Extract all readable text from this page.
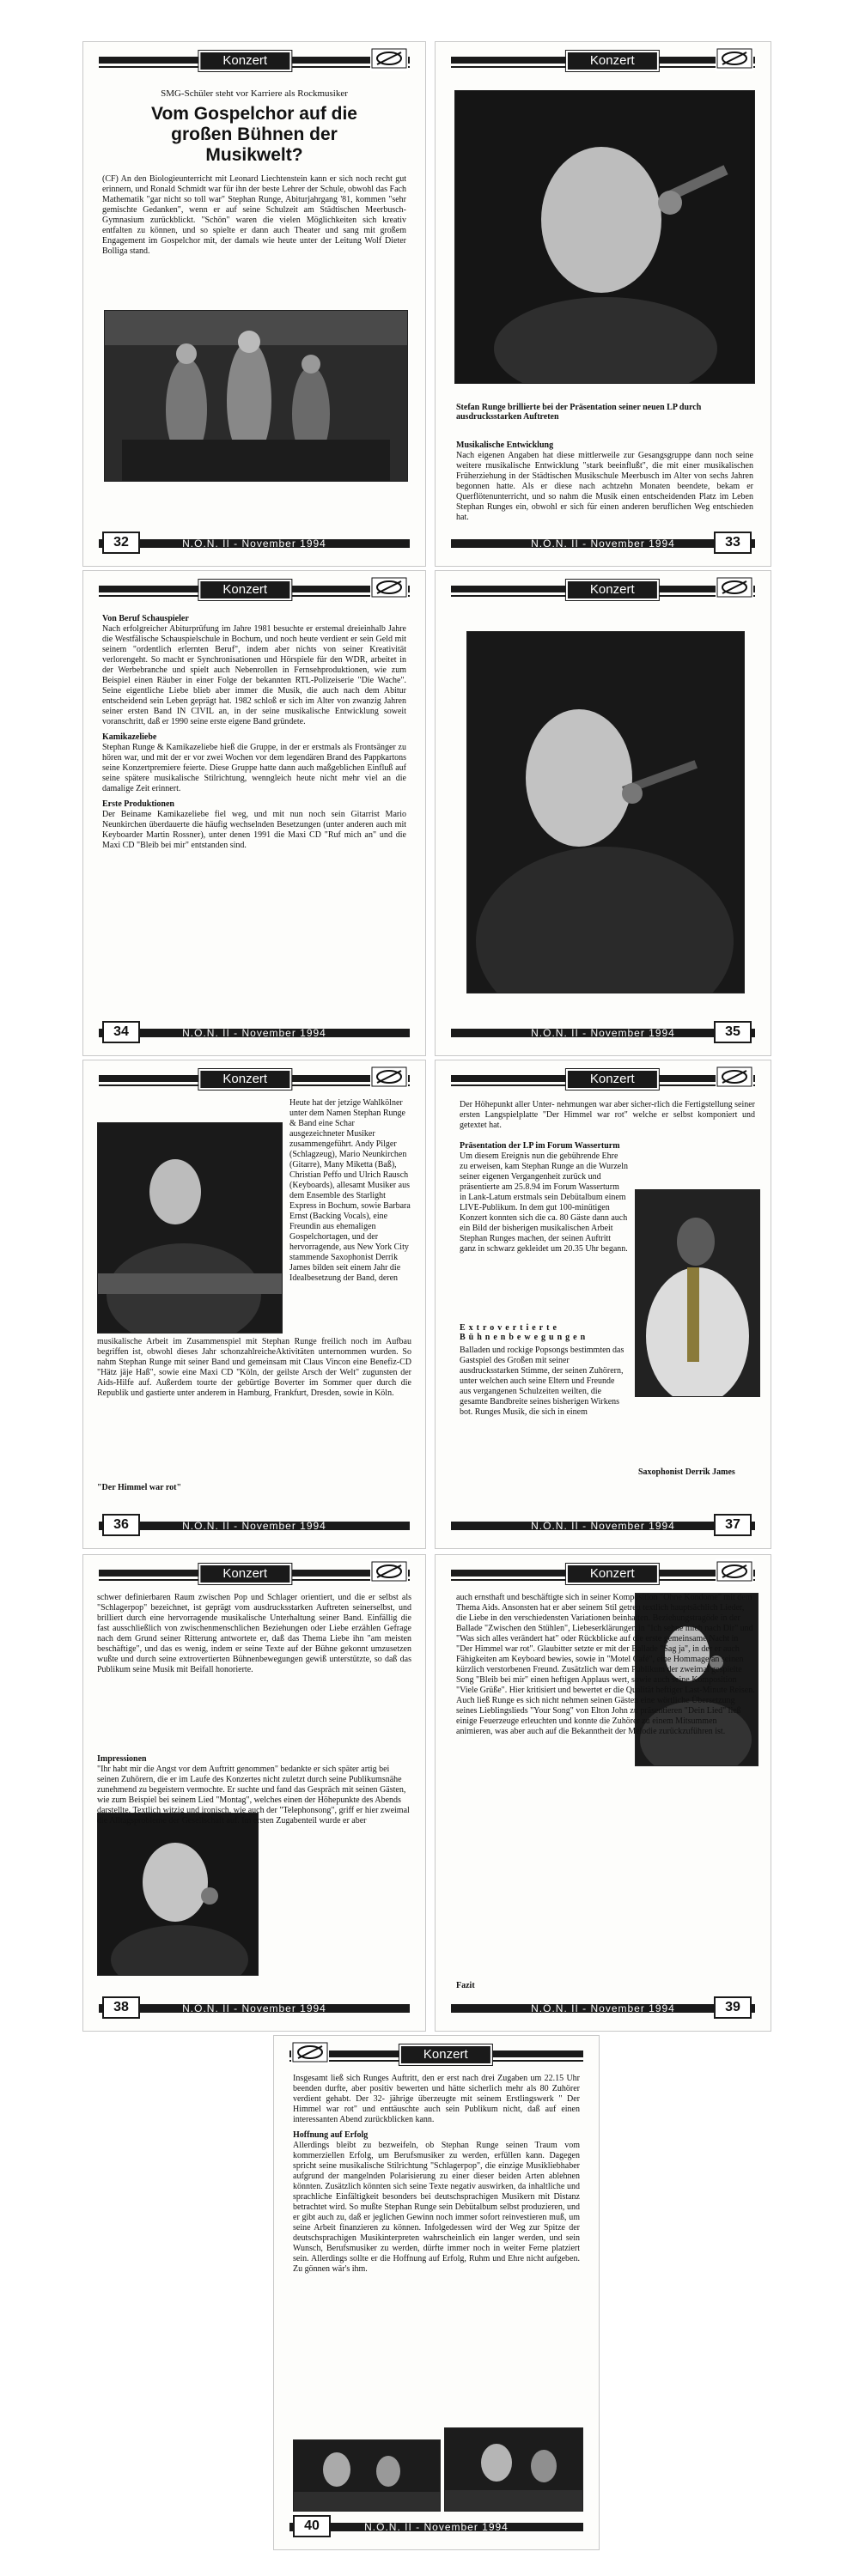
Konzert
SMG-Schüler steht vor Karriere als Rockmusiker
Vom Gospelchor auf die großen Bühnen der Musikwelt?
(CF) An den Biologieunterricht mit Leonard Liechtenstein kann er sich noch recht gut erinnern, und Ronald Schmidt war für ihn der beste Lehrer der Schule, obwohl das Fach Mathematik "gar nicht so toll war" Stephan Runge, Abiturjahrgang '81, kommen "sehr gemischte Gedanken", wenn er auf seine Schulzeit am Städtischen Meerbusch-Gymnasium zurückblickt. "Schön" waren die vielen Möglichkeiten sich kreativ entfalten zu können, und so spielte er dann auch Theater und sang mit großem Engagement im Gospelchor mit, der damals wie heute unter der Leitung Wolf Dieter Bolliga stand.
N.O.N. II - November 1994
32
Konzert
Stefan Runge brillierte bei der Präsentation seiner neuen LP durch ausdrucksstarken Auftreten
Musikalische Entwicklung
Nach eigenen Angaben hat diese mittlerweile zur Gesangsgruppe dann noch seine weitere musikalische Entwicklung "stark beeinflußt", die mit einer musikalischen Früherziehung in der Städtischen Musikschule Meerbusch im Alter von sechs Jahren begonnen hatte. Als er diese nach achtzehn Monaten beendete, bekam er Querflötenunterricht, und so nahm die Musik einen entscheidenden Platz im Leben Stephan Runges ein, obwohl er sich für einen anderen beruflichen Weg entschieden hat.
N.O.N. II - November 1994	33
Konzert
Von Beruf Schauspieler
Nach erfolgreicher Abiturprüfung im Jahre 1981 besuchte er erstemal dreieinhalb Jahre die Westfälische Schauspielschule in Bochum, und noch heute verdient er sein Geld mit seinem "ordentlich erlernten Beruf", indem aber nichts von seiner Kreativität verlorengeht. So macht er Synchronisationen und Hörspiele für den WDR, arbeitet in der Werbebranche und spielt auch Nebenrollen in Fernsehproduktionen, wie zum Beispiel einen Räuber in einer Folge der bekannten RTL-Polizeiserie "Die Wache". Seine eigentliche Liebe blieb aber immer die Musik, die auch nach dem Abitur entscheidend sein Leben geprägt hat. 1982 schloß er sich im Alter von zwanzig Jahren seiner ersten Band IN CIVIL an, in der seine musikalische Entwicklung soweit voranschritt, daß er 1990 seine erste eigene Band gründete.
Kamikazeliebe
Stephan Runge & Kamikazeliebe hieß die Gruppe, in der er erstmals als Frontsänger zu hören war, und mit der er vor zwei Wochen vor dem legendären Brand des Pappkartons seine Konzertpremiere feierte. Diese Gruppe hatte dann auch maßgeblichen Einfluß auf seine spätere musikalische Stilrichtung, wenngleich heute nicht mehr viel an die damalige Zeit erinnert.
Erste Produktionen
Der Beiname Kamikazeliebe fiel weg, und mit nun noch sein Gitarrist Mario Neunkirchen überdauerte die häufig wechselnden Besetzungen (unter anderen auch mit Keyboarder Martin Rossner), unter denen 1991 die Maxi CD "Ruf mich an" und die Maxi CD "Bleib bei mir" entstanden sind.
N.O.N. II - November 1994
34
Konzert
N.O.N. II - November 1994	35
Konzert
Heute hat der jetzige Wahlkölner unter dem Namen Stephan Runge & Band eine Schar ausgezeichneter Musiker zusammengeführt. Andy Pilger (Schlagzeug), Mario Neunkirchen (Gitarre), Many Miketta (Baß), Christian Peffo und Ulrich Rausch (Keyboards), allesamt Musiker aus dem Ensemble des Starlight Express in Bochum, sowie Barbara Ernst (Backing Vocals), eine Freundin aus ehemaligen Gospelchortagen, und der hervorragende, aus New York City stammende Saxophonist Derrik James bilden seit einem Jahr die Idealbesetzung der Band, deren
musikalische Arbeit im Zusammenspiel mit Stephan Runge freilich noch im Aufbau begriffen ist, obwohl dieses Jahr schonzahlreicheAktivitäten unternommen wurden. So nahm Stephan Runge mit seiner Band und gemeinsam mit Claus Vincon eine Benefiz-CD "Hätz jäje Haß", sowie eine Maxi CD "Köln, der geilste Arsch der Welt" zugunsten der Aids-Hilfe auf. Außerdem tourte der gebürtige Boverter im Sommer quer durch die Republik und gastierte unter anderem in Hamburg, Frankfurt, Dresden, sowie in Köln.
"Der Himmel war rot"
N.O.N. II - November 1994
36
Konzert
Der Höhepunkt aller Unter- nehmungen war aber sicher-rlich die Fertigstellung seiner ersten Langspielplatte "Der Himmel war rot" welche er selbst komponiert und getextet hat.
Präsentation der LP im Forum Wasserturm
Um diesem Ereignis nun die gebührende Ehre zu erweisen, kam Stephan Runge an die Wurzeln seiner eigenen Vergangenheit zurück und präsentierte am 25.8.94 im Forum Wasserturm in Lank-Latum erstmals sein Debütalbum einem LIVE-Publikum. In dem gut 100-minütigen Konzert konnten sich die ca. 80 Gäste dann auch ein Bild der bisherigen musikalischen Arbeit Stephan Runges machen, der seinen Auftritt ganz in schwarz gekleidet um 20.35 Uhr begann.
Extrovertierte Bühnenbewegungen
Balladen und rockige Popsongs bestimmten das Gastspiel des Großen mit seiner ausdrucksstarken Stimme, der seinen Zuhörern, unter welchen auch seine Eltern und Freunde aus vergangenen Schulzeiten weilten, die gesamte Bandbreite seines bisherigen Wirkens bot. Runges Musik, die sich in einem
Saxophonist Derrik James
N.O.N. II - November 1994	37
Konzert
schwer definierbaren Raum zwischen Pop und Schlager orientiert, und die er selbst als "Schlagerpop" bezeichnet, ist geprägt vom ausdrucksstarken Auftreten seinerselbst, und brilliert durch eine hervorragende musikalische Unterhaltung seiner Band. Einfällig die fast ausschließlich von zwischenmenschlichen Beziehungen oder Liebe erzählen Gefrage nach dem Grund seiner Ritterung antwortete er, daß das Thema Liebe ihn "am meisten beschäftige", und das es wenig, indem er seine Texte auf der Bühne gekonnt umzusetzen wußte und durch seine extrovertierten Bühnenbewegungen gewiß unterstützte, so daß das Publikum seine Musik mit Beifall honorierte.
Impressionen
"Ihr habt mir die Angst vor dem Auftritt genommen" bedankte er sich später artig bei seinen Zuhörern, die er im Laufe des Konzertes nicht zuletzt durch seine Publikumsnähe zunehmend zu begeistern vermochte. Er suchte und fand das Gespräch mit seinen Gästen, wie zum Beispiel bei seinem Lied "Montag", welches einen der Höhepunkte des Abends darstellte. Textlich witzig und ironisch, wie auch der "Telephonsong", griff er hier zweimal die Alltagsprobleme der Gesellschaft auf. Im ersten Zugabenteil wurde er aber
N.O.N. II - November 1994
38
Konzert
auch ernsthaft und beschäftigte sich in seiner Komposition "Ohne Kondome" mit dem Thema Aids. Ansonsten hat er aber seinem Stil getreu textlich hauptsächlich Lieder, die Liebe in den verschiedensten Variationen beinhalten. Beziehungstragöde in der Ballade "Zwischen den Stühlen", Liebeserklärungen in "Ich sehne mich nach Dir" und "Was sich alles verändert hat" oder Rückblicke auf die erste gemeinsame Nacht in "Der Himmel war rot". Glaubitter setzte er mit der Ballade "Sag ja", in der er auch Fähigkeiten am Keyboard bewies, sowie in "Motel Café", eine Hommage an seinen kürzlich verstorbenen Freund. Zusätzlich war dem Publikum der zweimal gespielte Song "Bleib bei mir" einen heftigen Applaus wert, sowie auch seine Komposition "Viele Grüße". Hier kritisiert und bewertet er die Qualität heftiger Last-Minute Reisen. Auch ließ Runge es sich nicht nehmen seinen Gästen eine wörtliche Übersetzung seines Lieblingslieds "Your Song" von Elton John zu präsentieren "Dein Lied" ließ einige Feuerzeuge erleuchten und konnte die Zuhörer zu einem Mitsummen animieren, was aber auch auf die Bekanntheit der Melodie zurückzuführen ist.
Fazit
N.O.N. II - November 1994	39
Konzert
Insgesamt ließ sich Runges Auftritt, den er erst nach drei Zugaben um 22.15 Uhr beenden durfte, aber positiv bewerten und hätte sicherlich mehr als 80 Zuhörer verdient gehabt. Der 32- jährige überzeugte mit seinem Erstlingswerk " Der Himmel war rot" und enttäuschte auch sein Publikum nicht, daß auf einen interessanten Abend zurückblicken kann.
Hoffnung auf Erfolg
Allerdings bleibt zu bezweifeln, ob Stephan Runge seinen Traum vom kommerziellen Erfolg, um Berufsmusiker zu werden, erfüllen kann. Dagegen spricht seine musikalische Stilrichtung "Schlagerpop", die einzige Musikliebhaber aufgrund der mangelnden Polarisierung zu einer dieser beiden Arten ablehnen könnten. Zusätzlich könnten sich seine Texte negativ auswirken, da inhaltliche und sprachliche Einfältigkeit besonders bei deutschsprachigen Musikern mit Distanz betrachtet wird. So mußte Stephan Runge sein Debütalbum selbst produzieren, und er gibt auch zu, daß er jeglichen Gewinn noch immer sofort reinvestieren muß, um seine Arbeit finanzieren zu können. Infolgedessen wird der Weg zur Spitze der deutschsprachigen Musikinterpreten wahrscheinlich ein langer werden, und sein Wunsch, Berufsmusiker zu werden, dürfte immer noch in weiter Ferne platziert sein. Allerdings sollte er die Hoffnung auf Erfolg, Ruhm und Ehre nicht aufgeben. Zu gönnen wär's ihm.
N.O.N. II - November 1994
40
